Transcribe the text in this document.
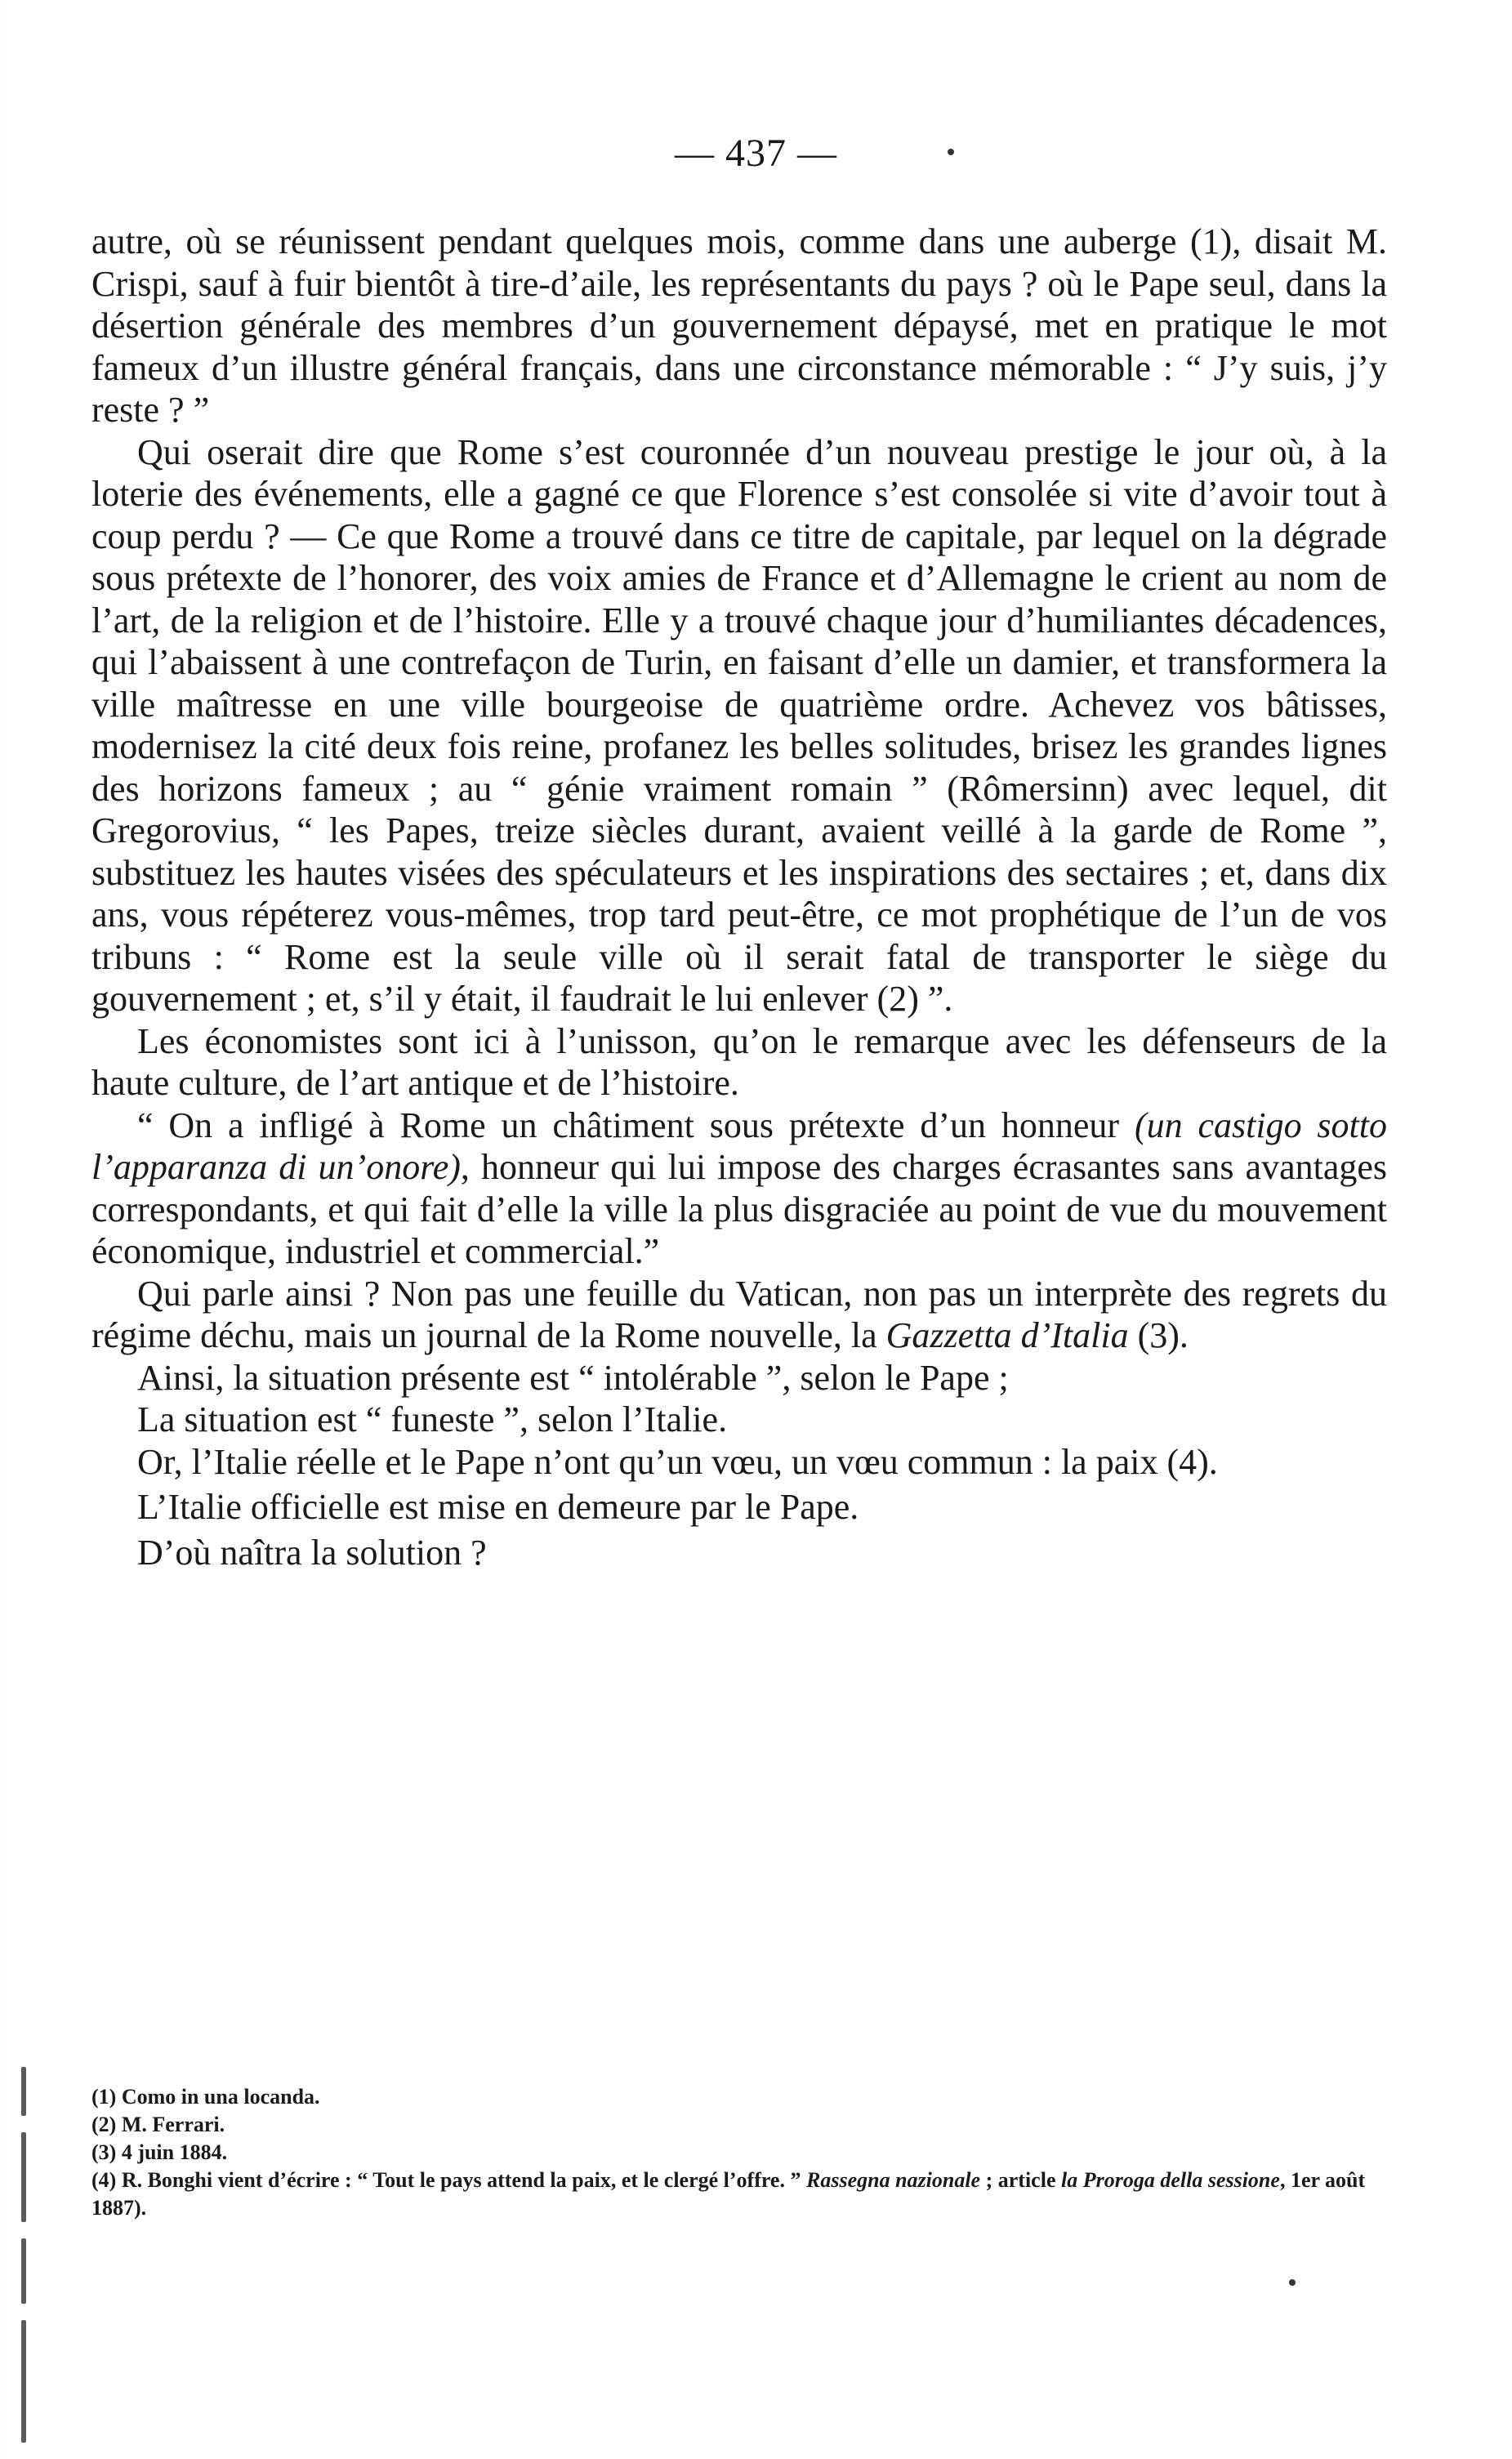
— 437 —

autre, où se réunissent pendant quelques mois, comme dans une auberge (1), disait M. Crispi, sauf à fuir bientôt à tire-d’aile, les représentants du pays ? où le Pape seul, dans la désertion générale des membres d’un gouvernement dépaysé, met en pratique le mot fameux d’un illustre général français, dans une circonstance mémorable : “ J’y suis, j’y reste ? ”

Qui oserait dire que Rome s’est couronnée d’un nouveau prestige le jour où, à la loterie des événements, elle a gagné ce que Florence s’est consolée si vite d’avoir tout à coup perdu ? — Ce que Rome a trouvé dans ce titre de capitale, par lequel on la dégrade sous prétexte de l’honorer, des voix amies de France et d’Allemagne le crient au nom de l’art, de la religion et de l’histoire. Elle y a trouvé chaque jour d’humiliantes décadences, qui l’abaissent à une contrefaçon de Turin, en faisant d’elle un damier, et transformera la ville maîtresse en une ville bourgeoise de quatrième ordre. Achevez vos bâtisses, modernisez la cité deux fois reine, profanez les belles solitudes, brisez les grandes lignes des horizons fameux ; au “ génie vraiment romain ” (Rômersinn) avec lequel, dit Gregorovius, “ les Papes, treize siècles durant, avaient veillé à la garde de Rome ”, substituez les hautes visées des spéculateurs et les inspirations des sectaires ; et, dans dix ans, vous répéterez vous-mêmes, trop tard peut-être, ce mot prophétique de l’un de vos tribuns : “ Rome est la seule ville où il serait fatal de transporter le siège du gouvernement ; et, s’il y était, il faudrait le lui enlever (2) ”.

Les économistes sont ici à l’unisson, qu’on le remarque avec les défenseurs de la haute culture, de l’art antique et de l’histoire.

“ On a infligé à Rome un châtiment sous prétexte d’un honneur (un castigo sotto l’apparanza di un’onore), honneur qui lui impose des charges écrasantes sans avantages correspondants, et qui fait d’elle la ville la plus disgraciée au point de vue du mouvement économique, industriel et commercial.”

Qui parle ainsi ? Non pas une feuille du Vatican, non pas un interprète des regrets du régime déchu, mais un journal de la Rome nouvelle, la Gazzetta d’Italia (3).

Ainsi, la situation présente est “ intolérable ”, selon le Pape ;

La situation est “ funeste ”, selon l’Italie.

Or, l’Italie réelle et le Pape n’ont qu’un vœu, un vœu commun : la paix (4).

L’Italie officielle est mise en demeure par le Pape.

D’où naîtra la solution ?

(1) Como in una locanda.

(2) M. Ferrari.

(3) 4 juin 1884.

(4) R. Bonghi vient d’écrire : “ Tout le pays attend la paix, et le clergé l’offre. ” Rassegna nazionale ; article la Proroga della sessione, 1er août 1887).
